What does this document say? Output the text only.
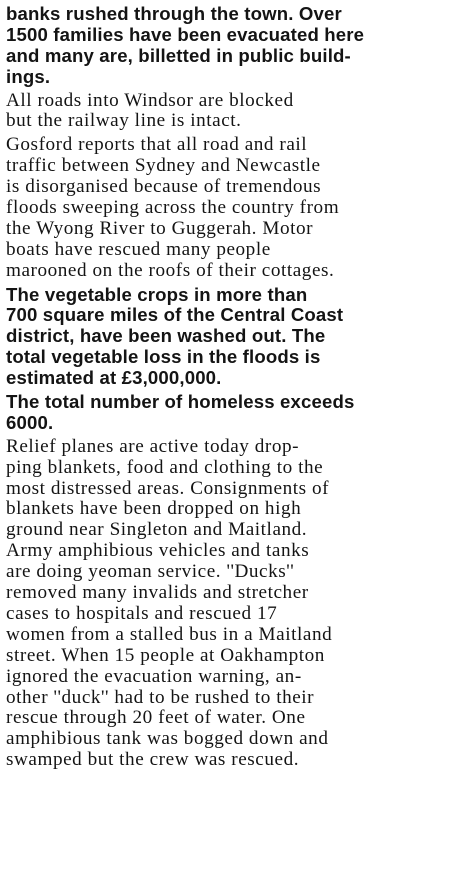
banks rushed through the town. Over
1500 families have been evacuated here
and many are, billetted in public build-
ings.
All roads into Windsor are blocked
but the railway line is intact.
Gosford reports that all road and rail
traffic between Sydney and Newcastle
is disorganised because of tremendous
floods sweeping across the country from
the Wyong River to Guggerah. Motor
boats have rescued many people
marooned on the roofs of their cottages.
The vegetable crops in more than
700 square miles of the Central Coast
district, have been washed out. The
total vegetable loss in the floods is
estimated at £3,000,000.
The total number of homeless exceeds
6000.
Relief planes are active today drop-
ping blankets, food and clothing to the
most distressed areas. Consignments of
blankets have been dropped on high
ground near Singleton and Maitland.
Army amphibious vehicles and tanks
are doing yeoman service. ''Ducks''
removed many invalids and stretcher
cases to hospitals and rescued 17
women from a stalled bus in a Maitland
street. When 15 people at Oakhampton
ignored the evacuation warning, an-
other ''duck'' had to be rushed to their
rescue through 20 feet of water. One
amphibious tank was bogged down and
swamped but the crew was rescued.
